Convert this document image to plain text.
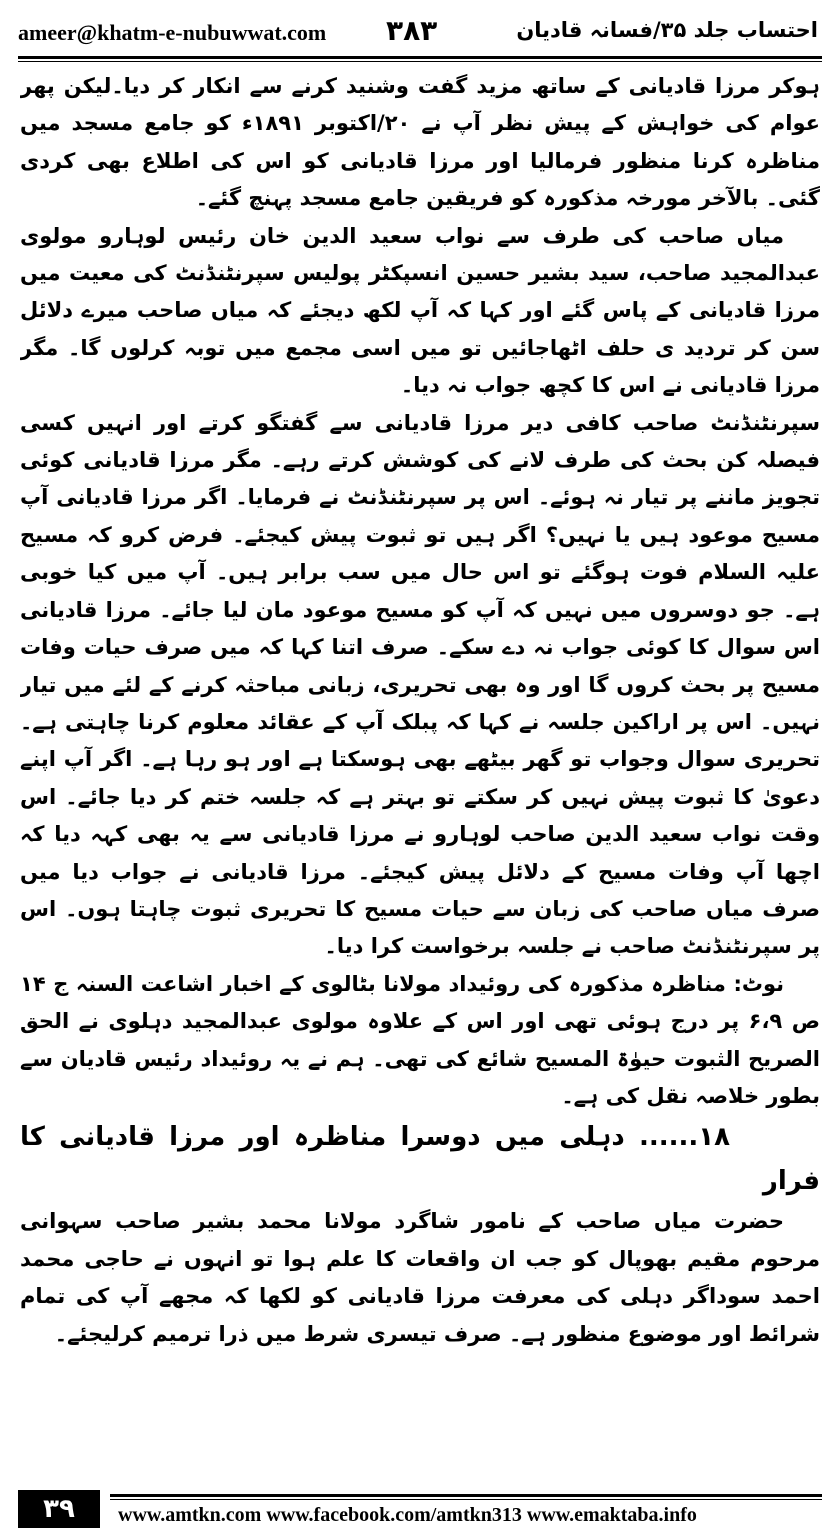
ameer@khatm-e-nubuwwat.com ۳۸۳	احتساب جلد ۳۵/فسانہ قادیان

ہوکر مرزا قادیانی کے ساتھ مزید گفت وشنید کرنے سے انکار کر دیا۔لیکن پھر عوام کی خواہش کے پیش نظر آپ نے ۲۰/اکتوبر ۱۸۹۱ء کو جامع مسجد میں مناظرہ کرنا منظور فرمالیا اور مرزا قادیانی کو اس کی اطلاع بھی کردی گئی۔ بالآخر مورخہ مذکورہ کو فریقین جامع مسجد پہنچ گئے۔

میاں صاحب کی طرف سے نواب سعید الدین خان رئیس لوہارو مولوی عبدالمجید صاحب، سید بشیر حسین انسپکٹر پولیس سپرنٹنڈنٹ کی معیت میں مرزا قادیانی کے پاس گئے اور کہا کہ آپ لکھ دیجئے کہ میاں صاحب میرے دلائل سن کر تردید ی حلف اٹھاجائیں تو میں اسی مجمع میں توبہ کرلوں گا۔ مگر مرزا قادیانی نے اس کا کچھ جواب نہ دیا۔

سپرنٹنڈنٹ صاحب کافی دیر مرزا قادیانی سے گفتگو کرتے اور انہیں کسی فیصلہ کن بحث کی طرف لانے کی کوشش کرتے رہے۔ مگر مرزا قادیانی کوئی تجویز ماننے پر تیار نہ ہوئے۔ اس پر سپرنٹنڈنٹ نے فرمایا۔ اگر مرزا قادیانی آپ مسیح موعود ہیں یا نہیں؟ اگر ہیں تو ثبوت پیش کیجئے۔ فرض کرو کہ مسیح علیہ السلام فوت ہوگئے تو اس حال میں سب برابر ہیں۔ آپ میں کیا خوبی ہے۔ جو دوسروں میں نہیں کہ آپ کو مسیح موعود مان لیا جائے۔ مرزا قادیانی اس سوال کا کوئی جواب نہ دے سکے۔ صرف اتنا کہا کہ میں صرف حیات وفات مسیح پر بحث کروں گا اور وہ بھی تحریری، زبانی مباحثہ کرنے کے لئے میں تیار نہیں۔ اس پر اراکین جلسہ نے کہا کہ پبلک آپ کے عقائد معلوم کرنا چاہتی ہے۔ تحریری سوال وجواب تو گھر بیٹھے بھی ہوسکتا ہے اور ہو رہا ہے۔ اگر آپ اپنے دعویٰ کا ثبوت پیش نہیں کر سکتے تو بہتر ہے کہ جلسہ ختم کر دیا جائے۔ اس وقت نواب سعید الدین صاحب لوہارو نے مرزا قادیانی سے یہ بھی کہہ دیا کہ اچھا آپ وفات مسیح کے دلائل پیش کیجئے۔ مرزا قادیانی نے جواب دیا میں صرف میاں صاحب کی زبان سے حیات مسیح کا تحریری ثبوت چاہتا ہوں۔ اس پر سپرنٹنڈنٹ صاحب نے جلسہ برخواست کرا دیا۔

نوٹ: مناظرہ مذکورہ کی روئیداد مولانا بٹالوی کے اخبار اشاعت السنہ ج ۱۴ ص ۶،۹ پر درج ہوئی تھی اور اس کے علاوہ مولوی عبدالمجید دہلوی نے الحق الصریح الثبوت حیوٰۃ المسیح شائع کی تھی۔ ہم نے یہ روئیداد رئیس قادیان سے بطور خلاصہ نقل کی ہے۔

۱۸...... دہلی میں دوسرا مناظرہ اور مرزا قادیانی کا فرار

حضرت میاں صاحب کے نامور شاگرد مولانا محمد بشیر صاحب سہوانی مرحوم مقیم بھوپال کو جب ان واقعات کا علم ہوا تو انہوں نے حاجی محمد احمد سوداگر دہلی کی معرفت مرزا قادیانی کو لکھا کہ مجھے آپ کی تمام شرائط اور موضوع منظور ہے۔ صرف تیسری شرط میں ذرا ترمیم کرلیجئے۔

۳۹	www.amtkn.com www.facebook.com/amtkn313 www.emaktaba.info
